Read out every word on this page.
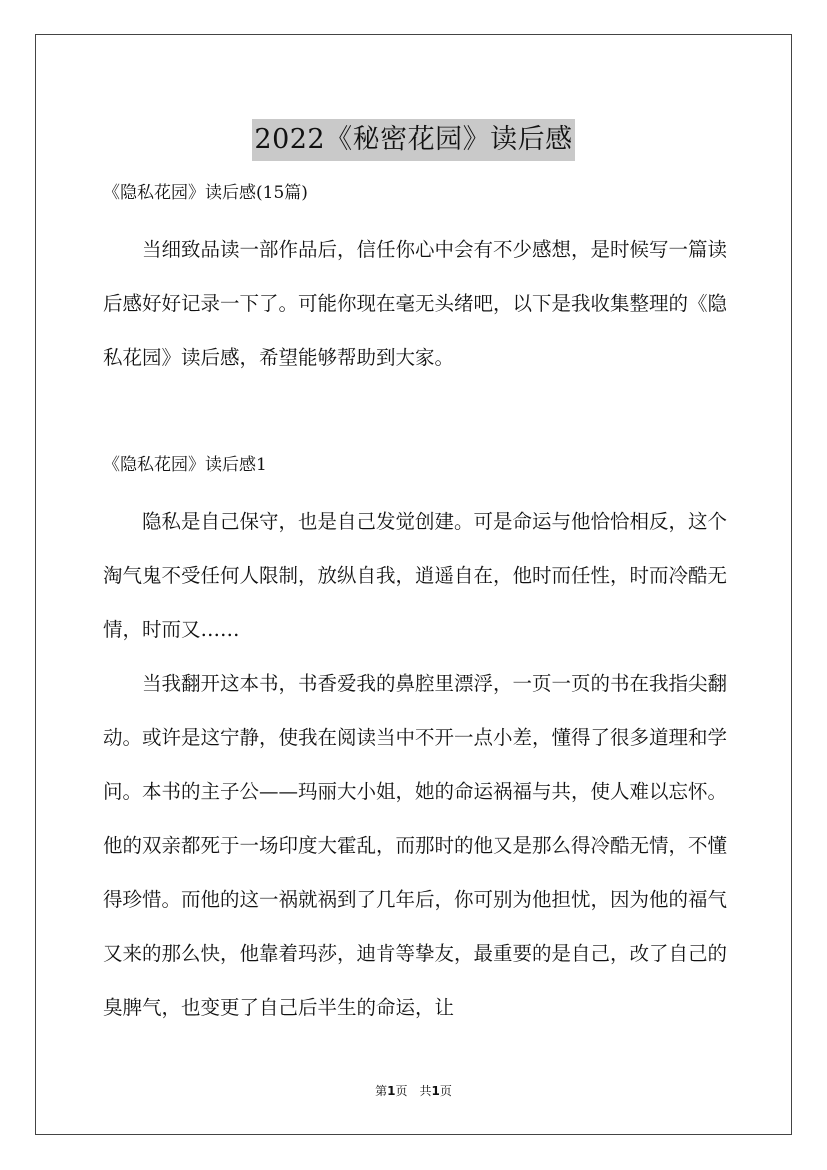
2022《秘密花园》读后感
《隐私花园》读后感(15篇)

当细致品读一部作品后，信任你心中会有不少感想，是时候写一篇读后感好好记录一下了。可能你现在毫无头绪吧，以下是我收集整理的《隐私花园》读后感，希望能够帮助到大家。

《隐私花园》读后感1

隐私是自己保守，也是自己发觉创建。可是命运与他恰恰相反，这个淘气鬼不受任何人限制，放纵自我，逍遥自在，他时而任性，时而冷酷无情，时而又……

当我翻开这本书，书香爱我的鼻腔里漂浮，一页一页的书在我指尖翻动。或许是这宁静，使我在阅读当中不开一点小差，懂得了很多道理和学问。本书的主子公——玛丽大小姐，她的命运祸福与共，使人难以忘怀。他的双亲都死于一场印度大霍乱，而那时的他又是那么得冷酷无情，不懂得珍惜。而他的这一祸就祸到了几年后，你可别为他担忧，因为他的福气又来的那么快，他靠着玛莎，迪肯等挚友，最重要的是自己，改了自己的臭脾气，也变更了自己后半生的命运，让

第1页 共1页
